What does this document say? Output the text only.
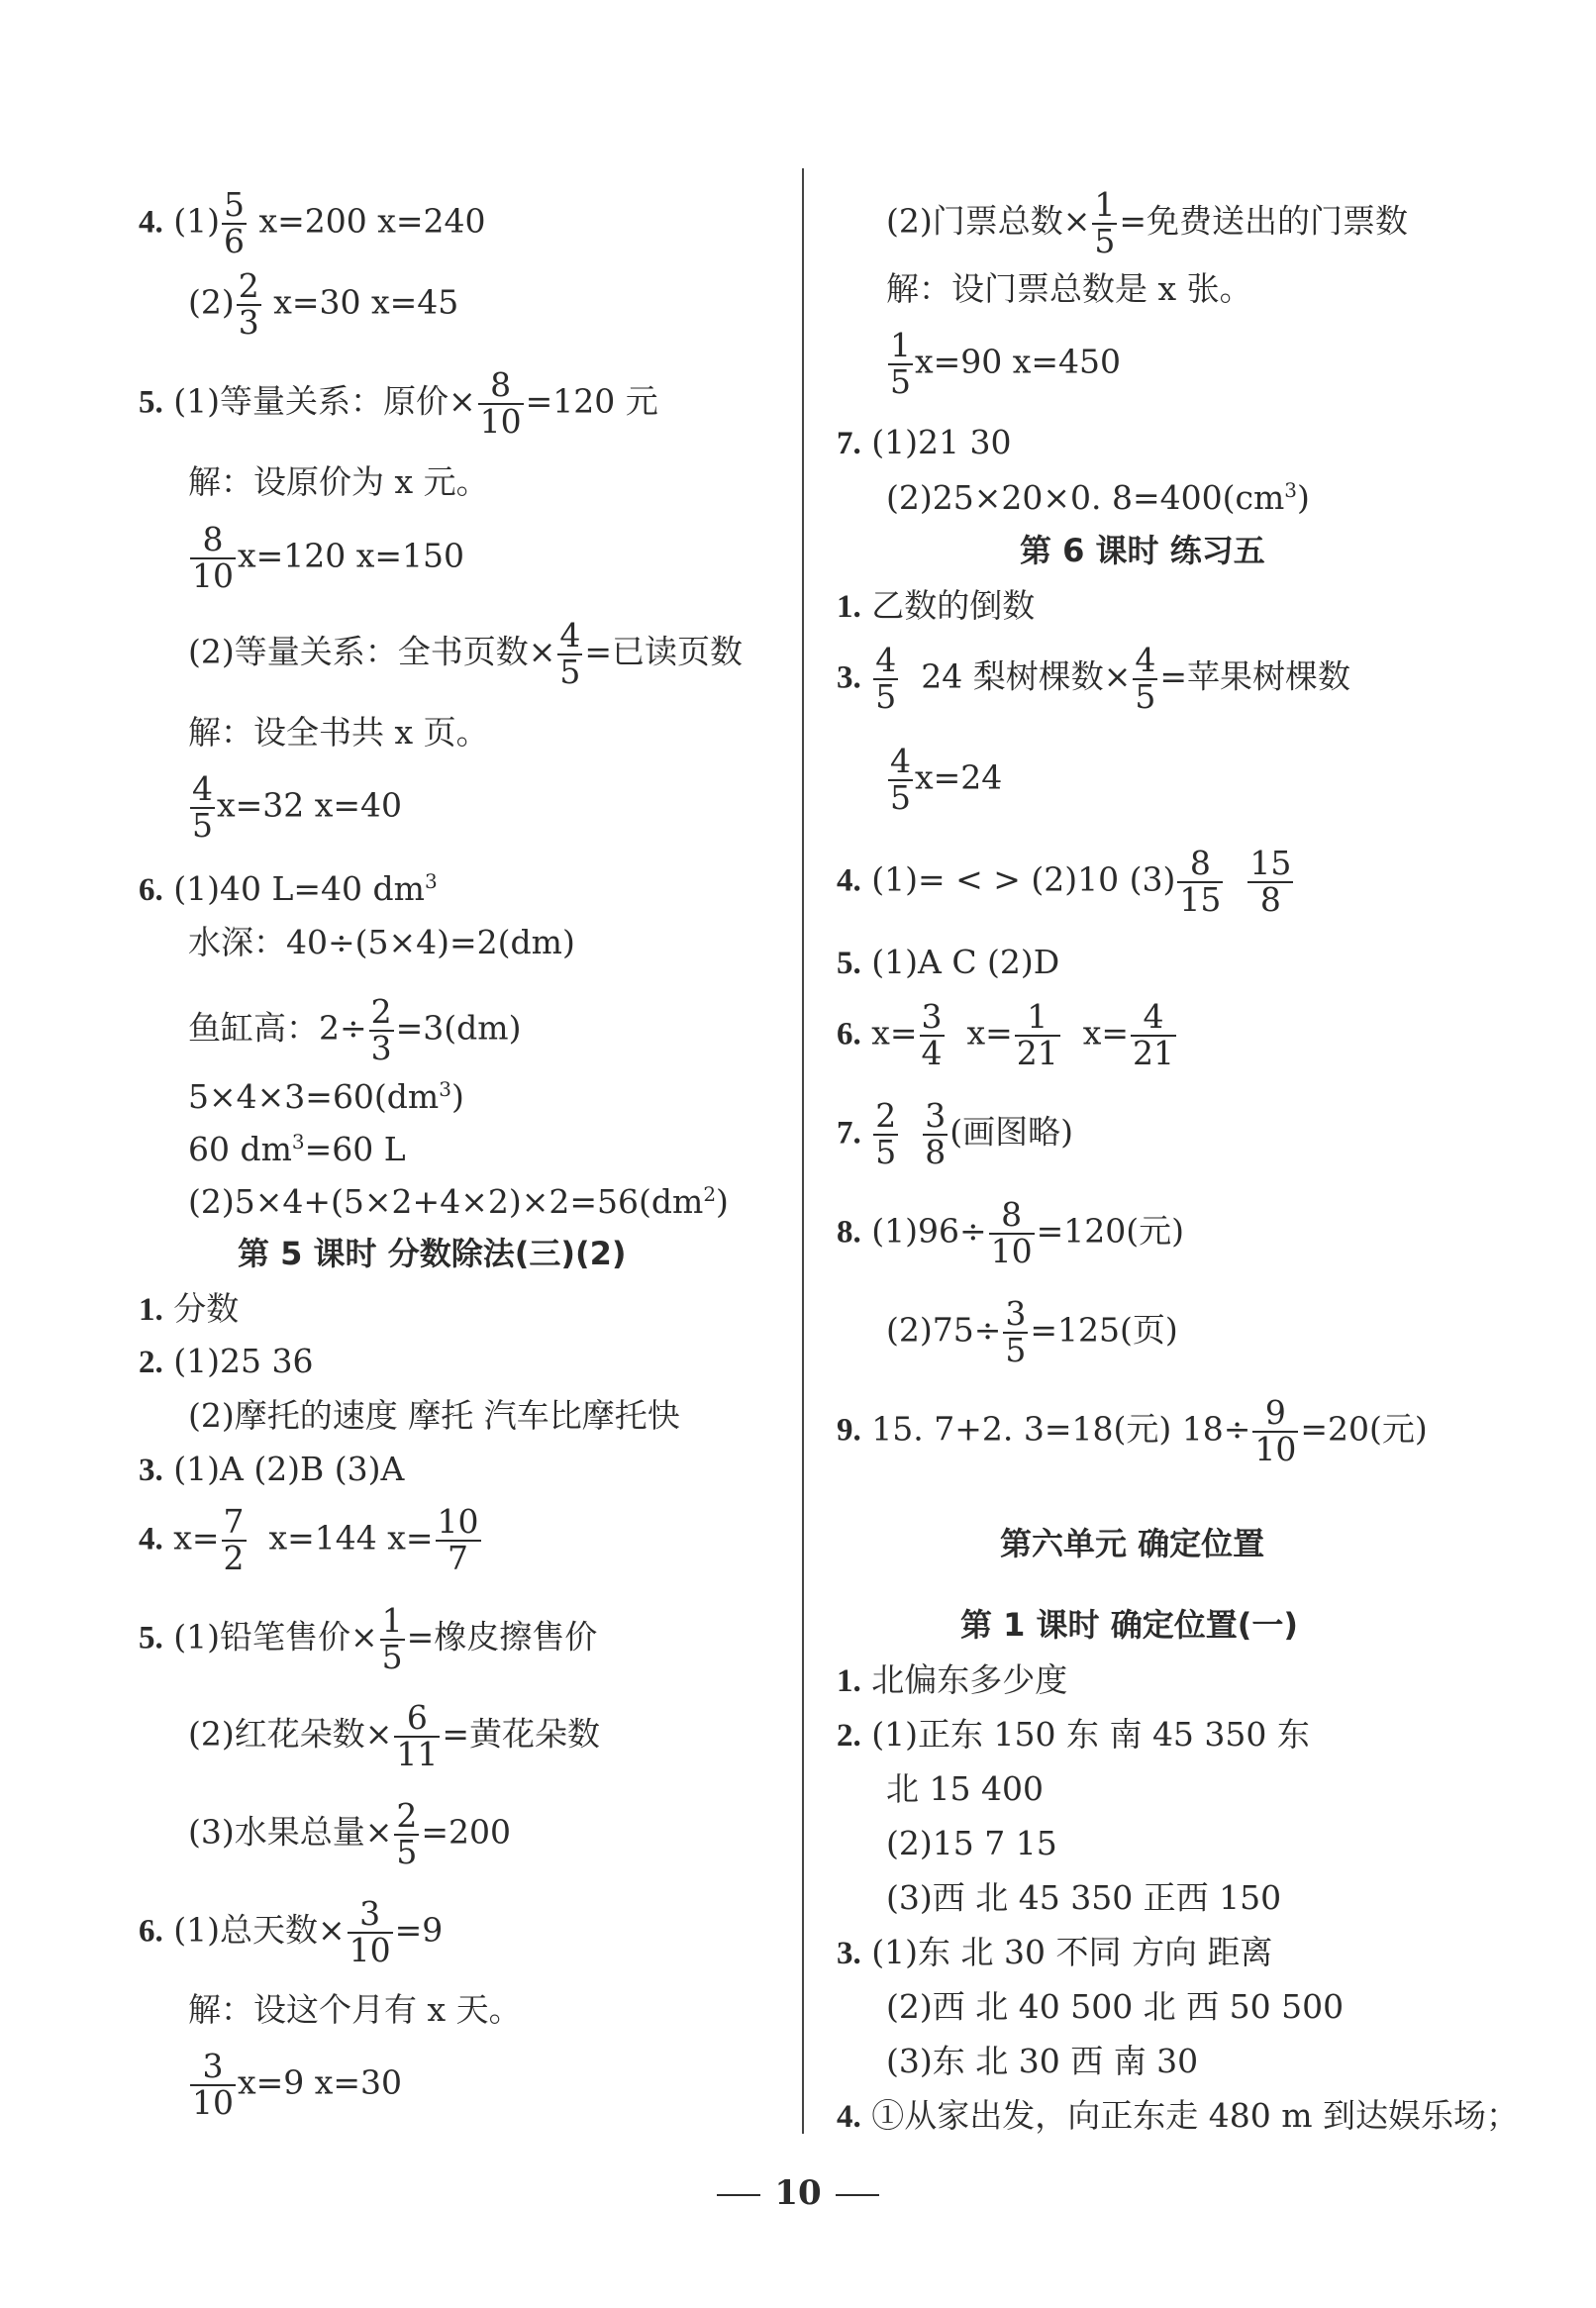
4. $(1) \frac{5}{6} x=200$ x=240
$(2) \frac{2}{3} x=30$ x=45
5. (1)等量关系：原价× $\frac{8}{10} =120$ 元
解：设原价为 x 元。
$\frac{8}{10} x=120$ x=150
(2)等量关系：全书页数× $\frac{4}{5}$ =已读页数
解：设全书共 x 页。
$\frac{4}{5} x=32$ x=40
6. (1)40 L=40 $dm^3$
水深：40÷(5×4)=2(dm)
鱼缸高：$2\div \frac{2}{3} =3(dm)$
$5\times 4\times 3=60(dm^3)$
60 $dm^3=60$ L
$(2)5\times 4+(5\times 2+4\times 2)\times 2=56(dm^2)$
第 5 课时 分数除法(三)(2)
1. 分数
2. (1)25 36
(2)摩托的速度 摩托 汽车比摩托快
3. (1)A (2)B (3)A
4. $x= \frac{7}{2} x=144$ $x= \frac{10}{7}$
5. (1)铅笔售价× $\frac{1}{5}$ =橡皮擦售价
(2)红花朵数× $\frac{6}{11}$ =黄花朵数
(3)水果总量× $\frac{2}{5} =200$
6. (1)总天数× $\frac{3}{10} =9$
解：设这个月有 x 天。
$\frac{3}{10} x=9$ x=30
(2)门票总数× $\frac{1}{5}$ =免费送出的门票数
解：设门票总数是 x 张。
$\frac{1}{5} x=90$ x=450
7. (1)21 30
(2)25×20×0. $8=400(cm^3)$
第 6 课时 练习五
1. 乙数的倒数
3. $\frac{4}{5} 24$ 梨树棵数× $\frac{4}{5}$ =苹果树棵数
$\frac{4}{5} x=24$
4. (1)= < > (2)10 $(3) \frac{8}{15}$
$\frac{15}{8}$
5. (1)A C (2)D
6. $x= \frac{3}{4} x= \frac{1}{21} x= \frac{4}{21}$
7. $\frac{2}{5}$
$\frac{3}{8}$ (画图略)
8. $(1)96\div \frac{8}{10} =120$(元)
$(2)75\div \frac{3}{5} =125$(页)
9. 15. 7+2. 3=18(元) $18\div \frac{9}{10} =20$(元)
第六单元 确定位置
第 1 课时 确定位置(一)
1. 北偏东多少度
2. (1)正东 150 东 南 45 350 东
北 15 400
(2)15 7 15
(3)西 北 45 350 正西 150
3. (1)东 北 30 不同 方向 距离
(2)西 北 40 500 北 西 50 500
(3)东 北 30 西 南 30
4. ①从家出发，向正东走 480 m 到达娱乐场；
10
